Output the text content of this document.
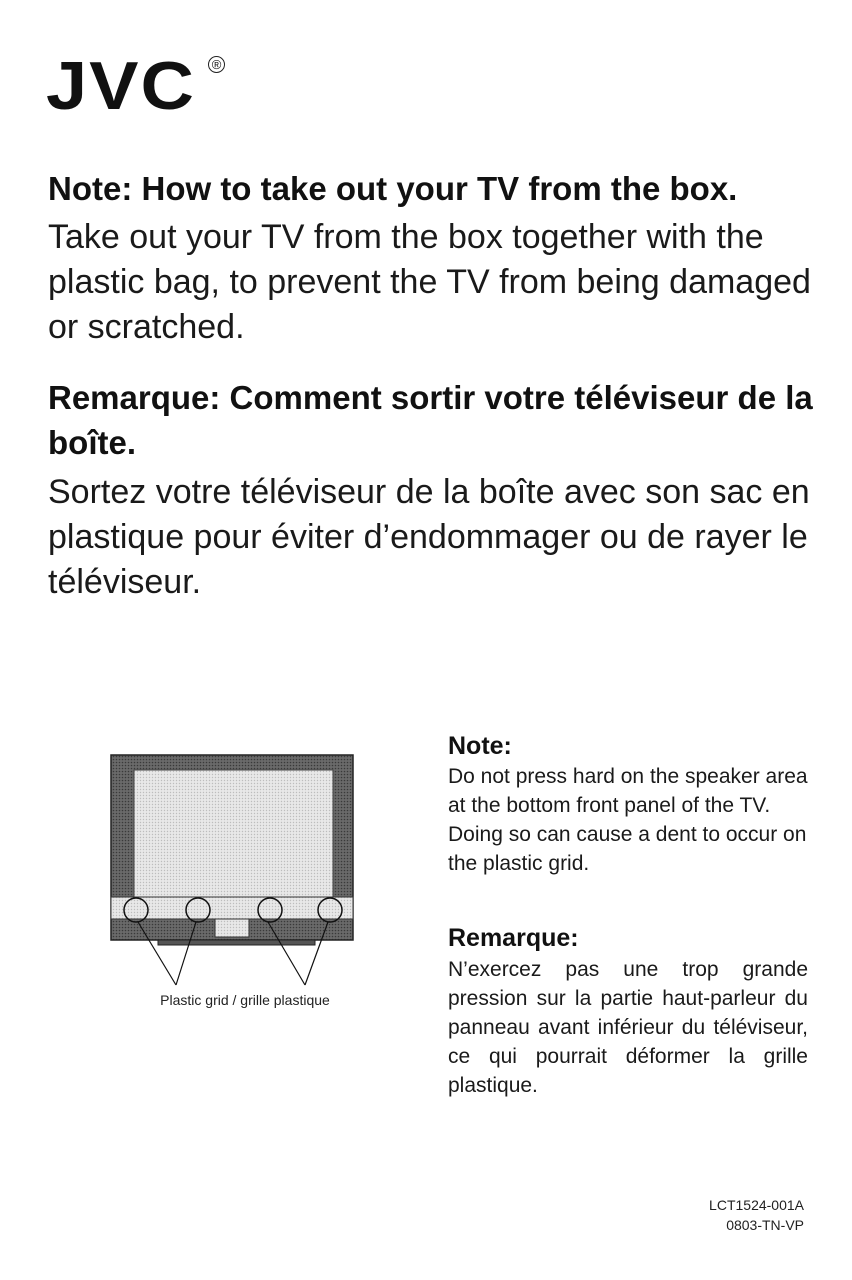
JVC ®
Note: How to take out your TV from the box.

Take out your TV from the box together with the plastic bag, to prevent the TV from being damaged or scratched.

Remarque: Comment sortir votre téléviseur de la boîte.

Sortez votre téléviseur de la boîte avec son sac en plastique pour éviter d’endommager ou de rayer le téléviseur.

Plastic grid / grille plastique
Note:

Do not press hard on the speaker area at the bottom front panel of the TV. Doing so can cause a dent to occur on the plastic grid.

Remarque:

N’exercez pas une trop grande pression sur la partie haut-parleur du panneau avant inférieur du téléviseur, ce qui pourrait déformer la grille plastique.

LCT1524-001A
0803-TN-VP
